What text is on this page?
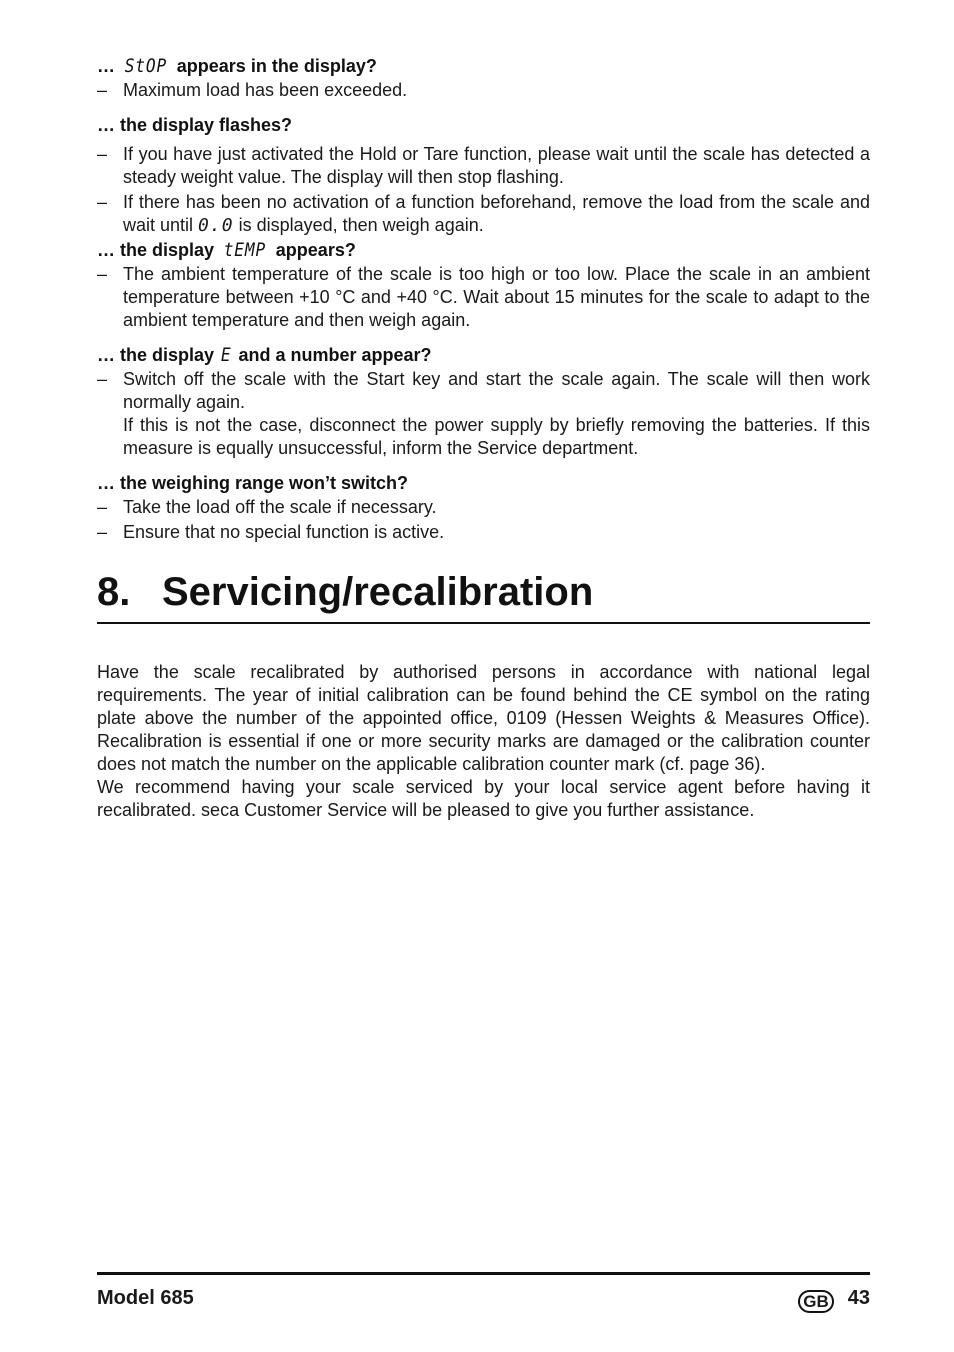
… StOP appears in the display?

– Maximum load has been exceeded.

… the display flashes?

– If you have just activated the Hold or Tare function, please wait until the scale has detected a steady weight value. The display will then stop flashing.
– If there has been no activation of a function beforehand, remove the load from the scale and wait until 0.0 is displayed, then weigh again.

… the display tEMP appears?

– The ambient temperature of the scale is too high or too low. Place the scale in an ambient temperature between +10 °C and +40 °C. Wait about 15 minutes for the scale to adapt to the ambient temperature and then weigh again.

… the display E and a number appear?

– Switch off the scale with the Start key and start the scale again. The scale will then work normally again.
If this is not the case, disconnect the power supply by briefly removing the batteries. If this measure is equally unsuccessful, inform the Service department.

… the weighing range won’t switch?

– Take the load off the scale if necessary.
– Ensure that no special function is active.
8. Servicing/recalibration

Have the scale recalibrated by authorised persons in accordance with national legal requirements. The year of initial calibration can be found behind the CE symbol on the rating plate above the number of the appointed office, 0109 (Hessen Weights & Measures Office). Recalibration is essential if one or more security marks are damaged or the calibration counter does not match the number on the applicable calibration counter mark (cf. page 36).

We recommend having your scale serviced by your local service agent before having it recalibrated. seca Customer Service will be pleased to give you further assistance.

Model 685	GB 43
